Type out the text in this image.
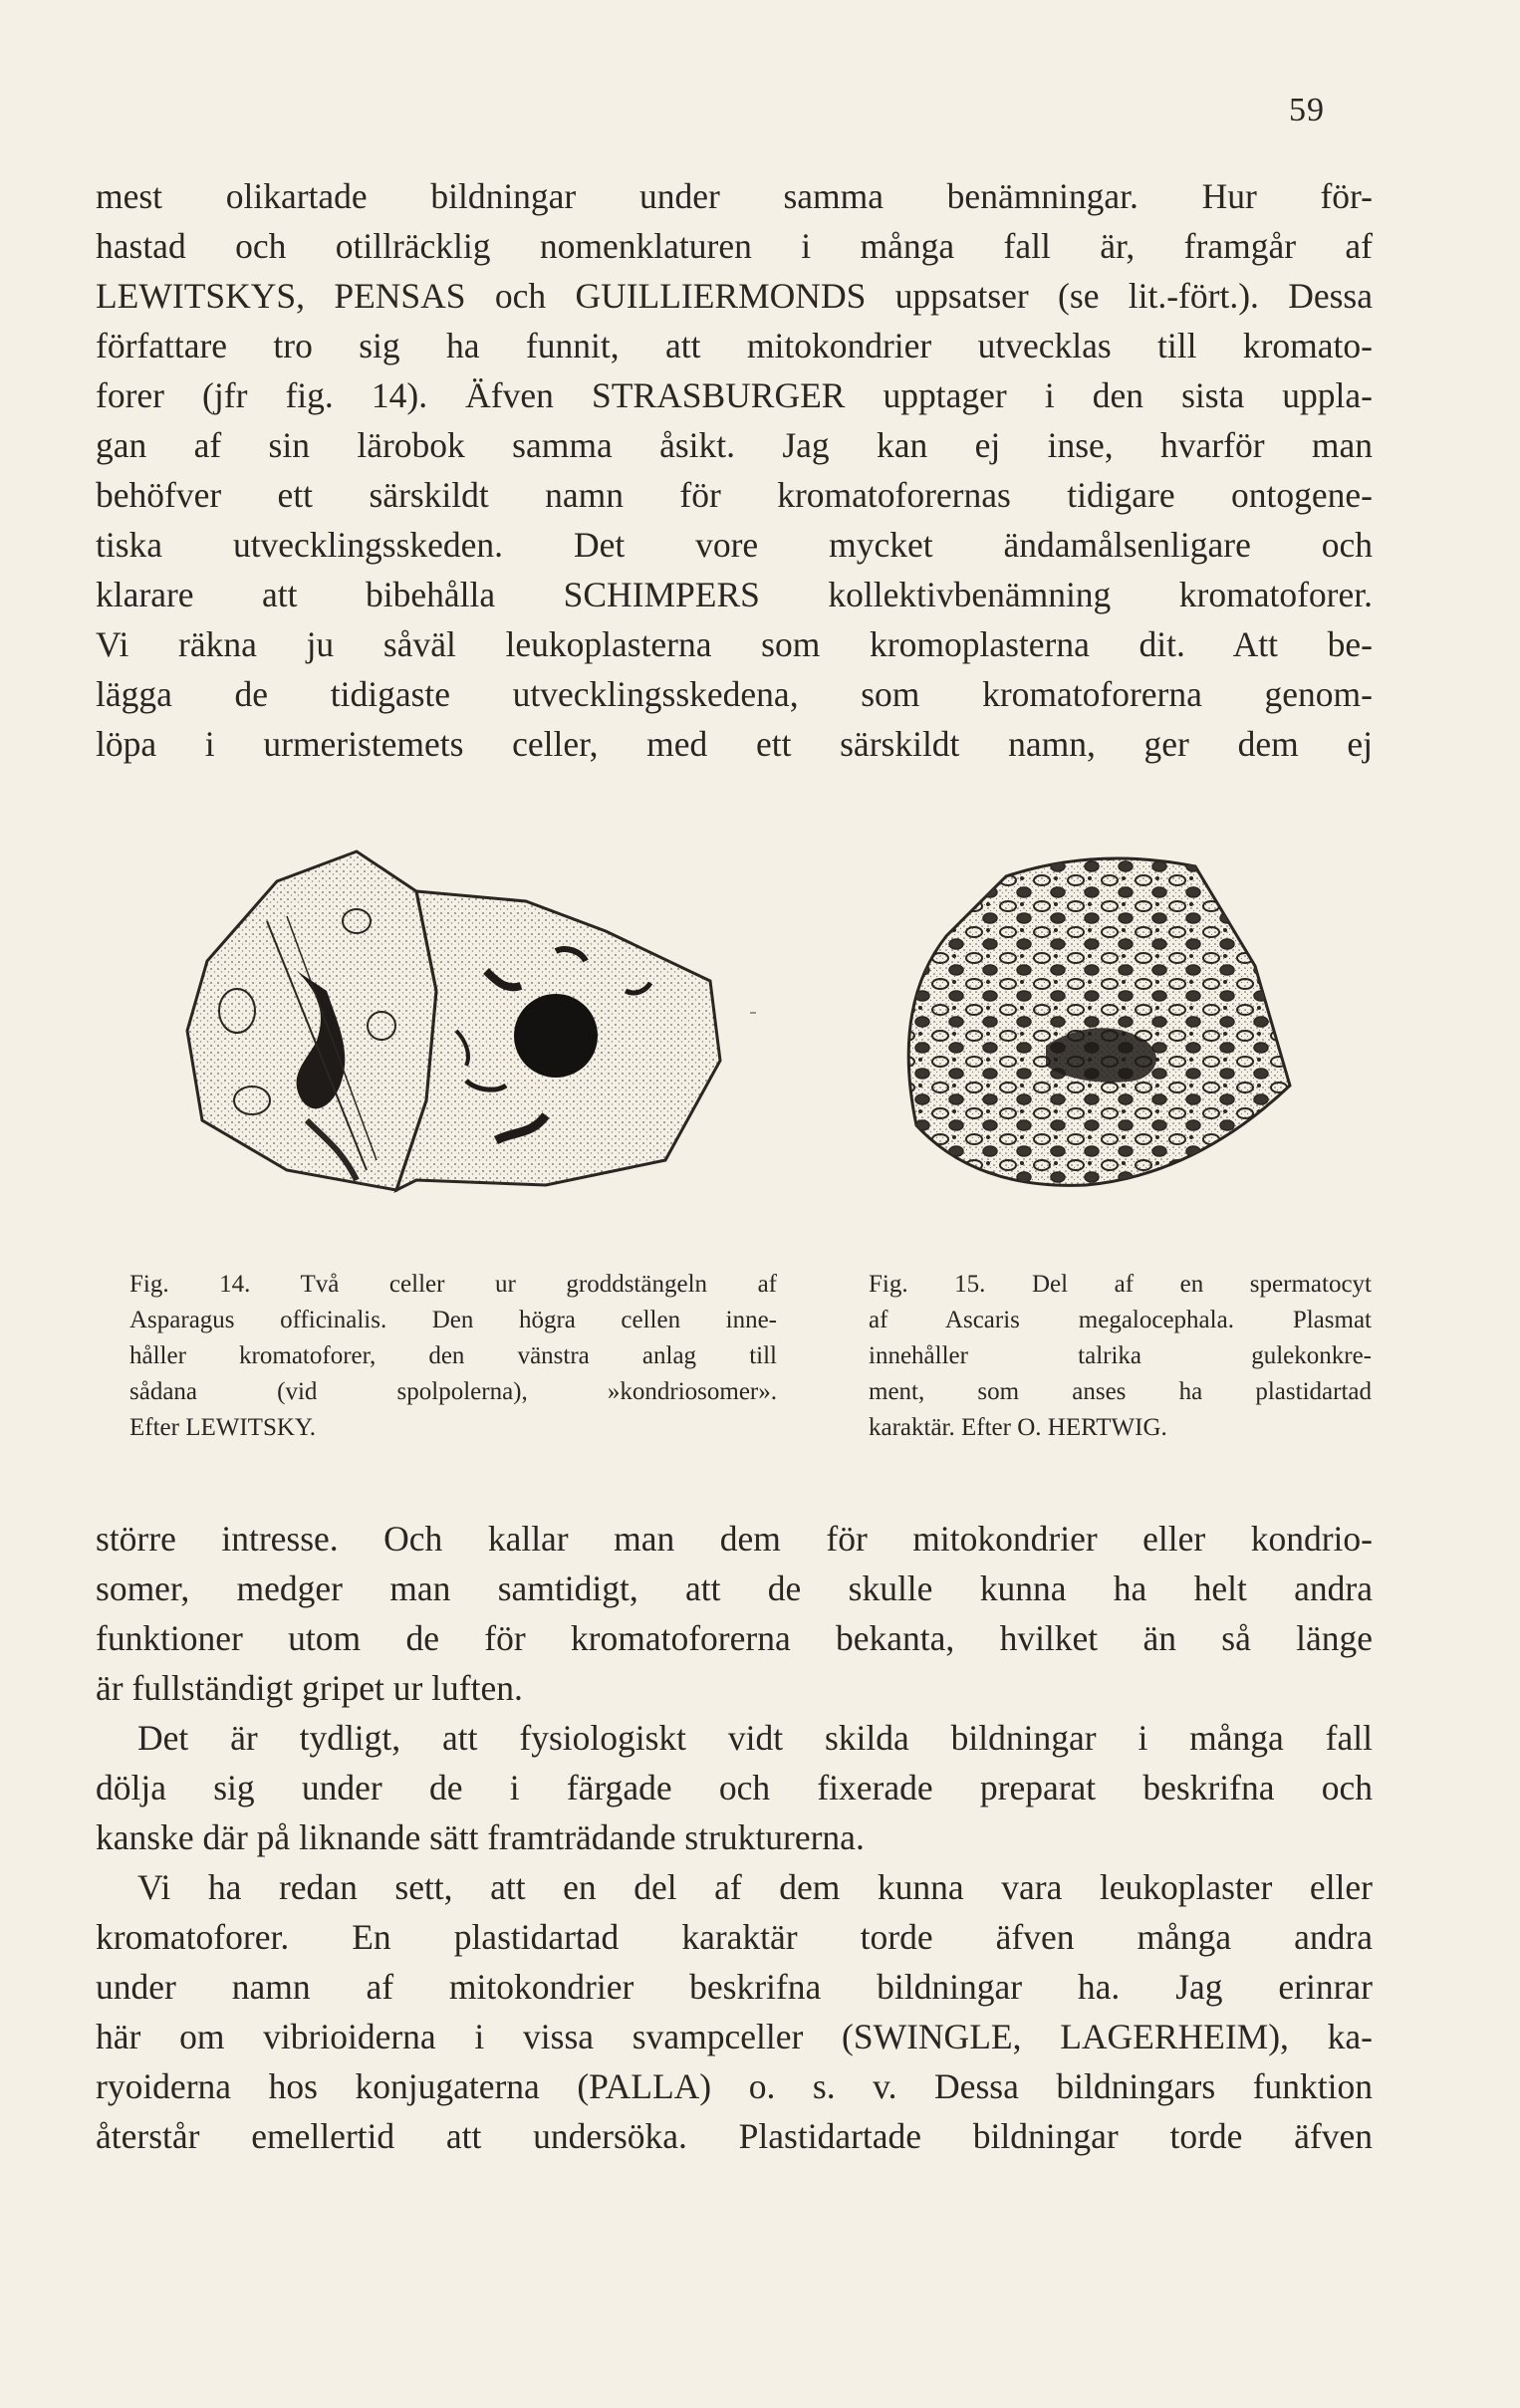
59
mest olikartade bildningar under samma benämningar. Hur för-
hastad och otillräcklig nomenklaturen i många fall är, framgår af
LEWITSKYS, PENSAS och GUILLIERMONDS uppsatser (se lit.-fört.). Dessa
författare tro sig ha funnit, att mitokondrier utvecklas till kromato-
forer (jfr fig. 14). Äfven STRASBURGER upptager i den sista uppla-
gan af sin lärobok samma åsikt. Jag kan ej inse, hvarför man
behöfver ett särskildt namn för kromatoforernas tidigare ontogene-
tiska utvecklingsskeden. Det vore mycket ändamålsenligare och
klarare att bibehålla SCHIMPERS kollektivbenämning kromatoforer.
Vi räkna ju såväl leukoplasterna som kromoplasterna dit. Att be-
lägga de tidigaste utvecklingsskedena, som kromatoforerna genom-
löpa i urmeristemets celler, med ett särskildt namn, ger dem ej
Fig. 14. Två celler ur groddstängeln af
Asparagus officinalis. Den högra cellen inne-
håller kromatoforer, den vänstra anlag till
sådana (vid spolpolerna), »kondriosomer».
Efter LEWITSKY.
Fig. 15. Del af en spermatocyt
af Ascaris megalocephala. Plasmat
innehåller talrika gulekonkre-
ment, som anses ha plastidartad
karaktär. Efter O. HERTWIG.
större intresse. Och kallar man dem för mitokondrier eller kondrio-
somer, medger man samtidigt, att de skulle kunna ha helt andra
funktioner utom de för kromatoforerna bekanta, hvilket än så länge
är fullständigt gripet ur luften.
Det är tydligt, att fysiologiskt vidt skilda bildningar i många fall
dölja sig under de i färgade och fixerade preparat beskrifna och
kanske där på liknande sätt framträdande strukturerna.
Vi ha redan sett, att en del af dem kunna vara leukoplaster eller
kromatoforer. En plastidartad karaktär torde äfven många andra
under namn af mitokondrier beskrifna bildningar ha. Jag erinrar
här om vibrioiderna i vissa svampceller (SWINGLE, LAGERHEIM), ka-
ryoiderna hos konjugaterna (PALLA) o. s. v. Dessa bildningars funktion
återstår emellertid att undersöka. Plastidartade bildningar torde äfven
